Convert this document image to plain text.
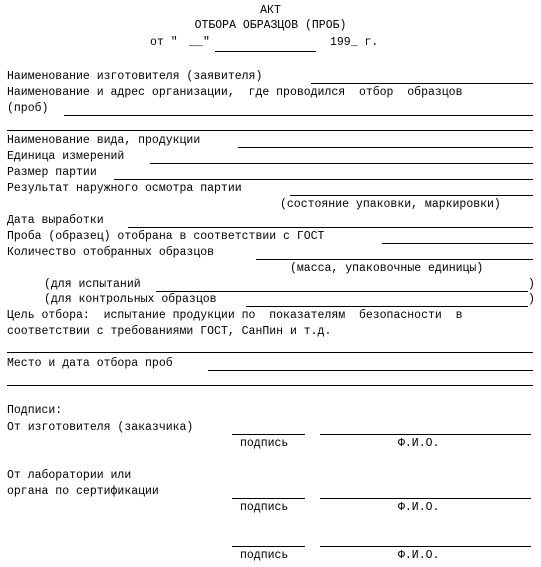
АКТ
ОТБОРА ОБРАЗЦОВ (ПРОБ)
от " __ "	199_ г.
Наименование изготовителя (заявителя)
Наименование и адрес организации,  где проводился  отбор  образцов
(проб)
Наименование вида, продукции
Единица измерений
Размер партии
Результат наружного осмотра партии
(состояние упаковки, маркировки)
Дата выработки
Проба (образец) отобрана в соответствии с ГОСТ
Количество отобранных образцов
(масса, упаковочные единицы)
(для испытаний	)
(для контрольных образцов	)
Цель отбора:  испытание продукции по  показателям  безопасности  в
соответствии с требованиями ГОСТ, СанПин и т.д.
Место и дата отбора проб
Подписи:
От изготовителя (заказчика)
подпись	Ф.И.О.
От лаборатории или
органа по сертификации
подпись	Ф.И.О.
подпись	Ф.И.О.
